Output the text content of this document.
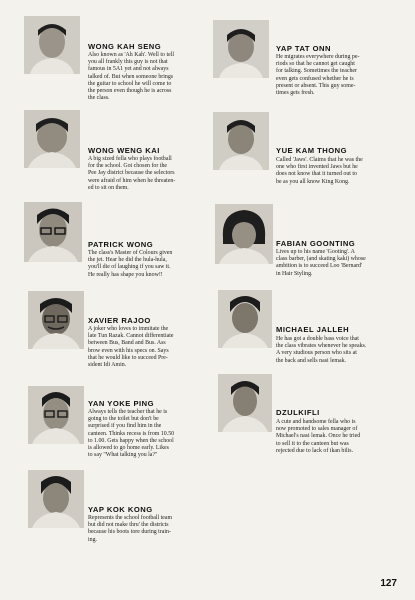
WONG KAH SENG

Also known as 'Ah Kah'. Well to tell

you all frankly this guy is not that

famous in 5A1 yet and not always

talked of. But when someone brings

the guitar to school he will come to

the person even though he is across

the class.

YAP TAT ONN

He migrates everywhere during pe-

riods so that he cannot get caught

for talking. Sometimes the teacher

even gets confused whether he is

present or absent. This guy some-

times gets fresh.

WONG WENG KAI

A big sized fella who plays football

for the school. Got chosen for the

Pee Jay district because the selectors

were afraid of him when he threaten-

ed to sit on them.

YUE KAM THONG

Called 'Jaws'. Claims that he was the

one who first invented Jaws but he

does not know that it turned out to

be as you all know King Kong.

PATRICK WONG

The class's Master of Colours given

the jet. Hear he did the hula-hula,

you'll die of laughing if you saw it.

He really has shape you know!!

FABIAN GOONTING

Lives up to his name 'Gooting'. A

class barber, (and skating kaki) whose

ambition is to succeed Loo 'Bernard'

in Hair Styling.

XAVIER RAJOO

A joker who loves to immitate the

late Tun Razak. Cannot differentiate

between Bus, Band and Bus. Ass

brow even with his specs on. Says

that he would like to succeed Pre-

sident Idi Amin.

MICHAEL JALLEH

He has got a double bass voice that

the class vibrates whenever he speaks.

A very studious person who sits at

the back and sells nasi lemak.

YAN YOKE PING

Always tells the teacher that he is

going to the toilet but don't be

surprised if you find him in the

canteen. Thinks recess is from 10.50

to 1.00. Gets happy when the school

is allowed to go home early. Likes

to say "What talking you la?"

DZULKIFLI

A cute and handsome fella who is

now promoted to sales manager of

Michael's nasi lemak. Once he tried

to sell it to the canteen but was

rejected due to lack of ikan bilis.

YAP KOK KONG

Represents the school football team

but did not make thru' the districts

because his boots tore during train-

ing.

127
